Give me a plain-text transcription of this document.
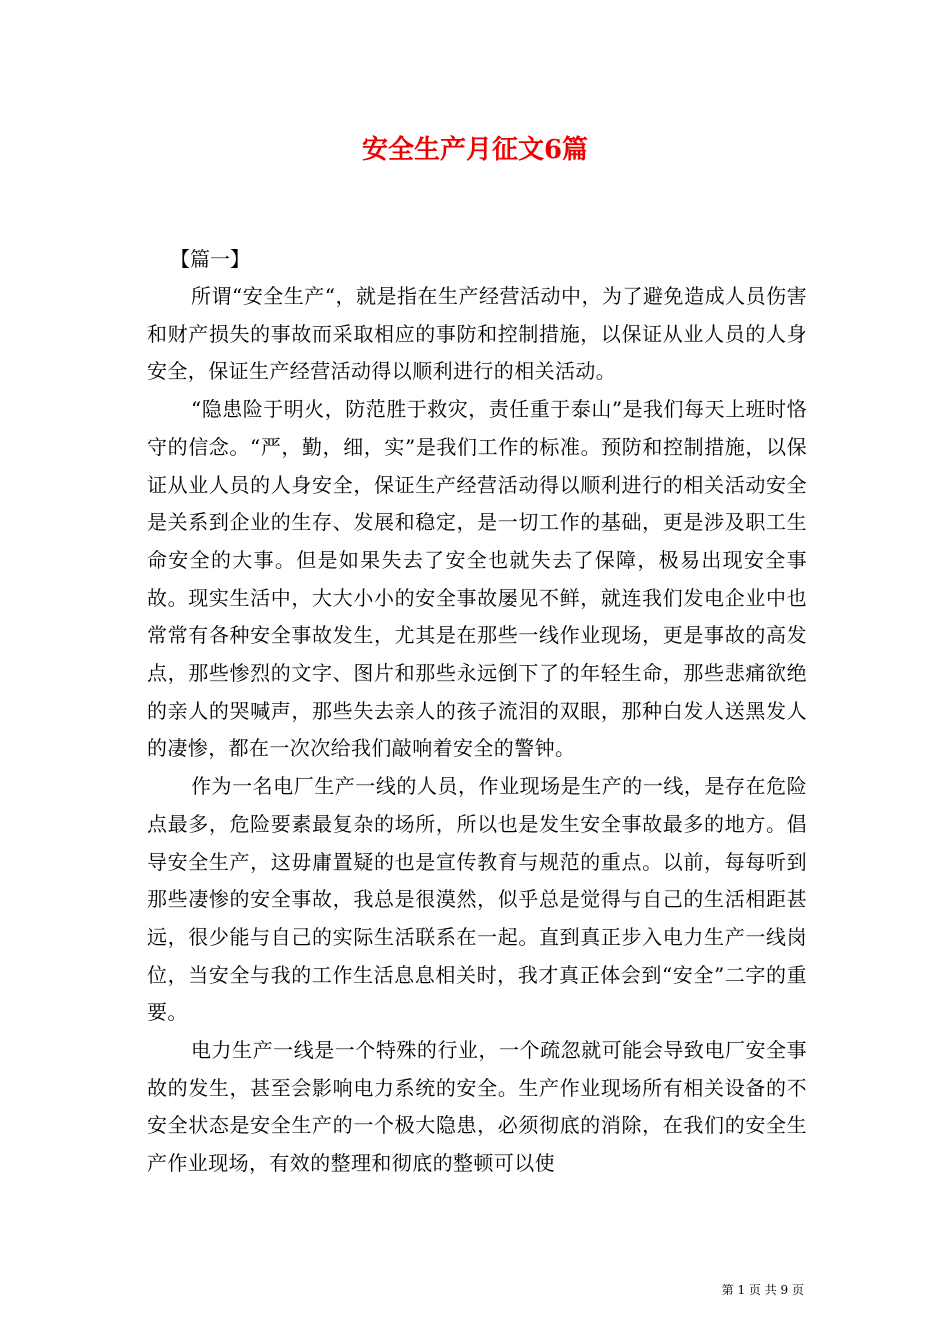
安全生产月征文6篇
【篇一】

所谓“安全生产“，就是指在生产经营活动中，为了避免造成人员伤害和财产损失的事故而采取相应的事防和控制措施，以保证从业人员的人身安全，保证生产经营活动得以顺利进行的相关活动。

“隐患险于明火，防范胜于救灾，责任重于泰山”是我们每天上班时恪守的信念。“严，勤，细，实”是我们工作的标准。预防和控制措施，以保证从业人员的人身安全，保证生产经营活动得以顺利进行的相关活动安全是关系到企业的生存、发展和稳定，是一切工作的基础，更是涉及职工生命安全的大事。但是如果失去了安全也就失去了保障，极易出现安全事故。现实生活中，大大小小的安全事故屡见不鲜，就连我们发电企业中也常常有各种安全事故发生，尤其是在那些一线作业现场，更是事故的高发点，那些惨烈的文字、图片和那些永远倒下了的年轻生命，那些悲痛欲绝的亲人的哭喊声，那些失去亲人的孩子流泪的双眼，那种白发人送黑发人的凄惨，都在一次次给我们敲响着安全的警钟。

作为一名电厂生产一线的人员，作业现场是生产的一线，是存在危险点最多，危险要素最复杂的场所，所以也是发生安全事故最多的地方。倡导安全生产，这毋庸置疑的也是宣传教育与规范的重点。以前，每每听到那些凄惨的安全事故，我总是很漠然，似乎总是觉得与自己的生活相距甚远，很少能与自己的实际生活联系在一起。直到真正步入电力生产一线岗位，当安全与我的工作生活息息相关时，我才真正体会到“安全”二字的重要。

电力生产一线是一个特殊的行业，一个疏忽就可能会导致电厂安全事故的发生，甚至会影响电力系统的安全。生产作业现场所有相关设备的不安全状态是安全生产的一个极大隐患，必须彻底的消除，在我们的安全生产作业现场，有效的整理和彻底的整顿可以使

第 1 页 共 9 页
